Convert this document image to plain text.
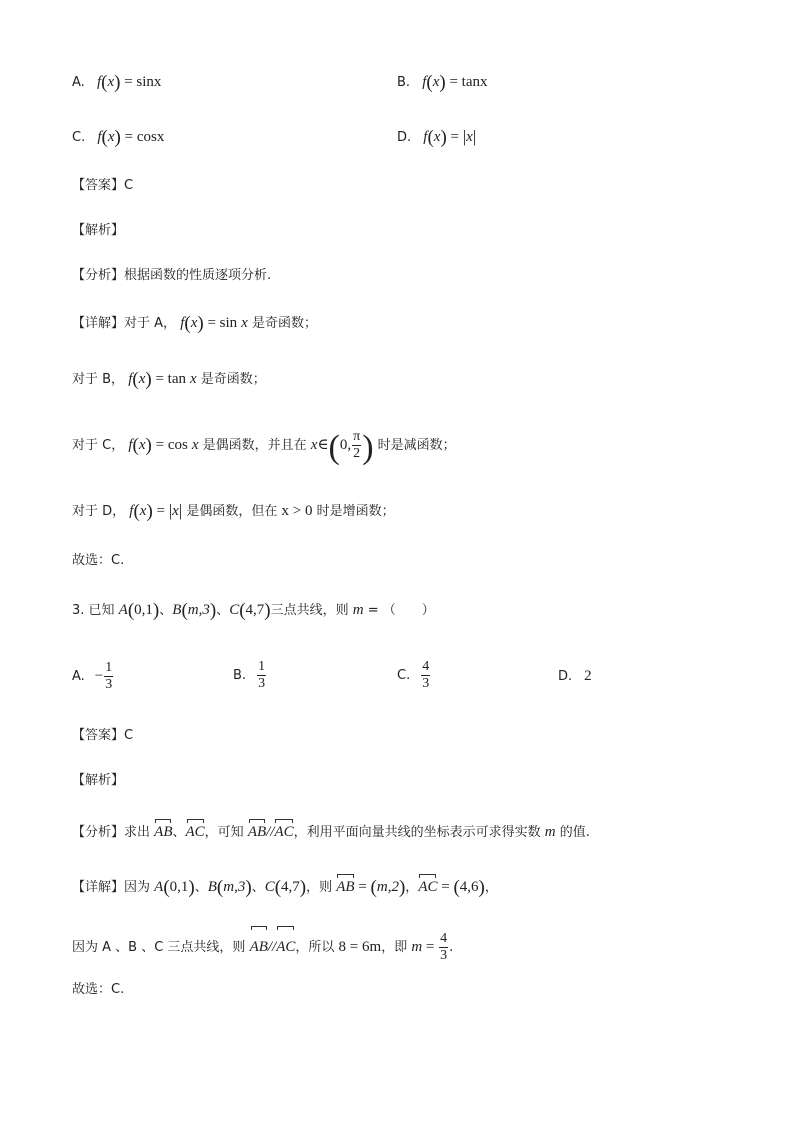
A. f(x) = sinx	B. f(x) = tanx
C. f(x) = cosx	D. f(x) = |x|
【答案】C
【解析】
【分析】根据函数的性质逐项分析.
【详解】对于 A， f(x) = sin x 是奇函数；
对于 B， f(x) = tan x 是奇函数；
对于 C， f(x) = cos x 是偶函数，并且在 x∈(0, $\frac{\pi}{2}$ ) 时是减函数；
对于 D， f(x) = |x| 是偶函数，但在 x > 0 时是增函数；
故选：C.
3. 已知 A(0,1)、B(m,3)、C(4,7)三点共线，则 m = （　　）
A. − $\frac{1}{3}$	B. $\frac{1}{3}$	C. $\frac{4}{3}$	D. 2
【答案】C
【解析】
【分析】求出 AB、AC，可知 AB//AC，利用平面向量共线的坐标表示可求得实数 m 的值.
【详解】因为 A(0,1)、B(m,3)、C(4,7)，则 AB = (m,2)，AC = (4,6)，
因为 A 、B 、C 三点共线，则 AB//AC，所以 8 = 6m，即 $m = \frac{4}{3}$ .
故选：C.
